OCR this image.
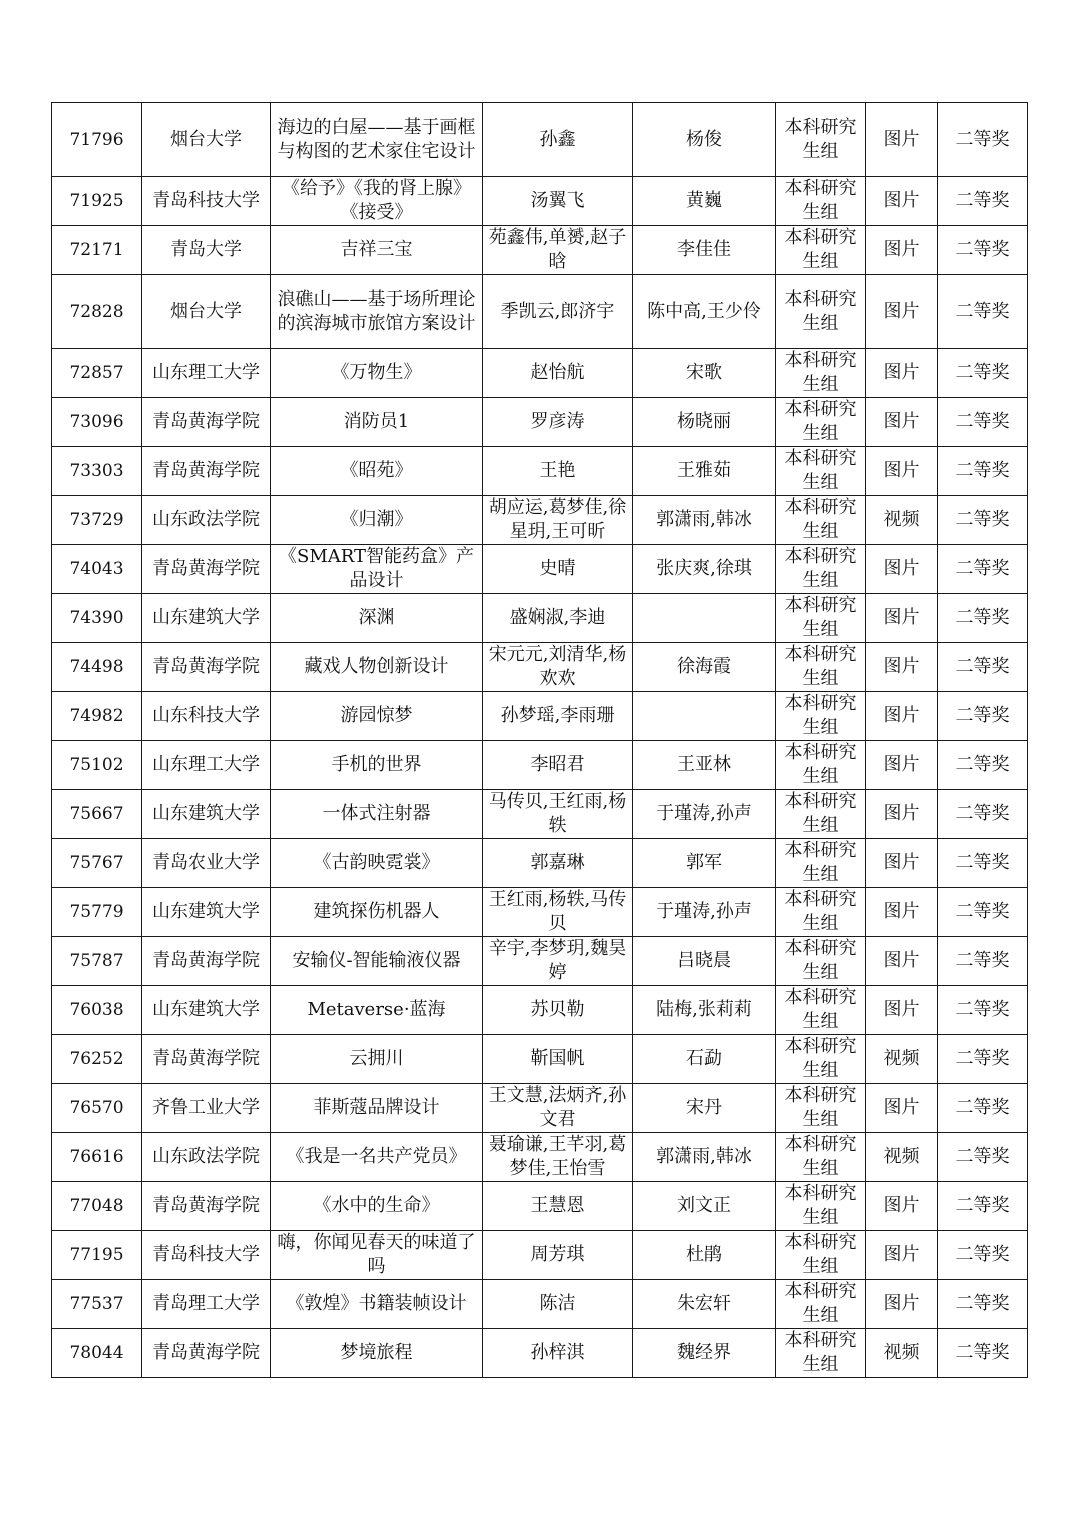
71796	烟台大学	海边的白屋——基于画框与构图的艺术家住宅设计	孙鑫	杨俊	本科研究生组	图片	二等奖
71925	青岛科技大学	《给予》《我的肾上腺》《接受》	汤翼飞	黄巍	本科研究生组	图片	二等奖
72171	青岛大学	吉祥三宝	苑鑫伟,单赟,赵子晗	李佳佳	本科研究生组	图片	二等奖
72828	烟台大学	浪礁山——基于场所理论的滨海城市旅馆方案设计	季凯云,郎济宇	陈中高,王少伶	本科研究生组	图片	二等奖
72857	山东理工大学	《万物生》	赵怡航	宋歌	本科研究生组	图片	二等奖
73096	青岛黄海学院	消防员1	罗彦涛	杨晓丽	本科研究生组	图片	二等奖
73303	青岛黄海学院	《昭苑》	王艳	王雅茹	本科研究生组	图片	二等奖
73729	山东政法学院	《归潮》	胡应运,葛梦佳,徐星玥,王可昕	郭潇雨,韩冰	本科研究生组	视频	二等奖
74043	青岛黄海学院	《SMART智能药盒》产品设计	史晴	张庆爽,徐琪	本科研究生组	图片	二等奖
74390	山东建筑大学	深渊	盛娴淑,李迪		本科研究生组	图片	二等奖
74498	青岛黄海学院	藏戏人物创新设计	宋元元,刘清华,杨欢欢	徐海霞	本科研究生组	图片	二等奖
74982	山东科技大学	游园惊梦	孙梦瑶,李雨珊		本科研究生组	图片	二等奖
75102	山东理工大学	手机的世界	李昭君	王亚林	本科研究生组	图片	二等奖
75667	山东建筑大学	一体式注射器	马传贝,王红雨,杨轶	于瑾涛,孙声	本科研究生组	图片	二等奖
75767	青岛农业大学	《古韵映霓裳》	郭嘉琳	郭军	本科研究生组	图片	二等奖
75779	山东建筑大学	建筑探伤机器人	王红雨,杨轶,马传贝	于瑾涛,孙声	本科研究生组	图片	二等奖
75787	青岛黄海学院	安输仪-智能输液仪器	辛宇,李梦玥,魏昊婷	吕晓晨	本科研究生组	图片	二等奖
76038	山东建筑大学	Metaverse·蓝海	苏贝勒	陆梅,张莉莉	本科研究生组	图片	二等奖
76252	青岛黄海学院	云拥川	靳国帆	石勐	本科研究生组	视频	二等奖
76570	齐鲁工业大学	菲斯蔻品牌设计	王文慧,法炳齐,孙文君	宋丹	本科研究生组	图片	二等奖
76616	山东政法学院	《我是一名共产党员》	聂瑜谦,王芊羽,葛梦佳,王怡雪	郭潇雨,韩冰	本科研究生组	视频	二等奖
77048	青岛黄海学院	《水中的生命》	王慧恩	刘文正	本科研究生组	图片	二等奖
77195	青岛科技大学	嗨，你闻见春天的味道了吗	周芳琪	杜鹃	本科研究生组	图片	二等奖
77537	青岛理工大学	《敦煌》书籍装帧设计	陈洁	朱宏轩	本科研究生组	图片	二等奖
78044	青岛黄海学院	梦境旅程	孙梓淇	魏经界	本科研究生组	视频	二等奖
